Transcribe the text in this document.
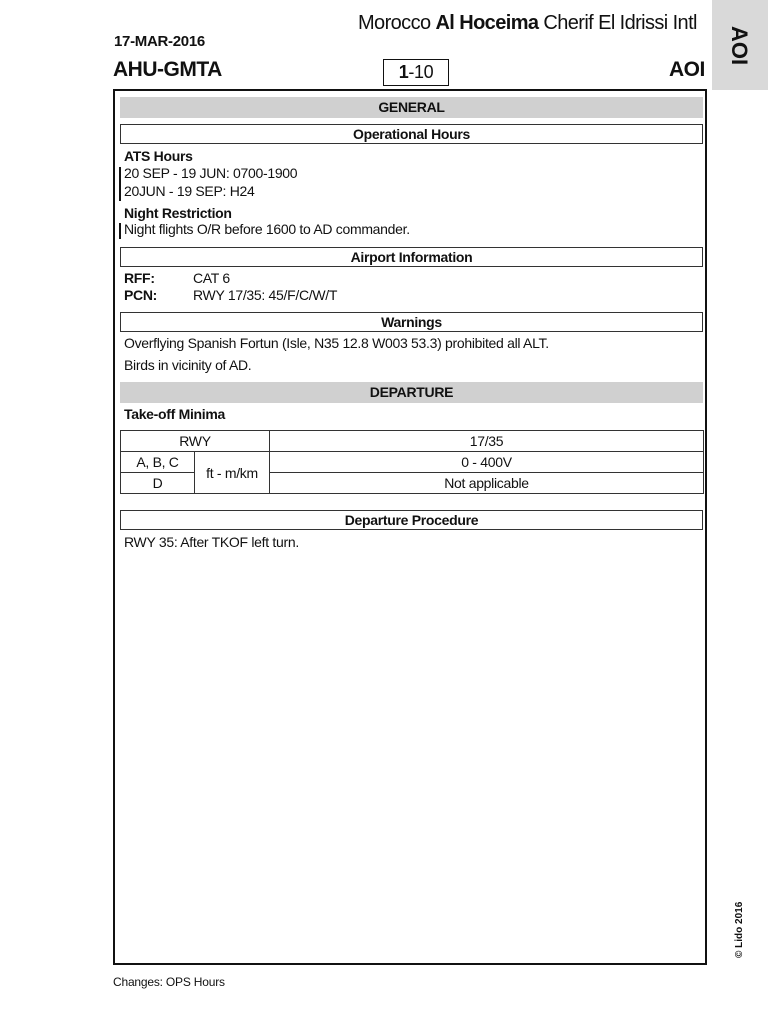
17-MAR-2016
AHU-GMTA
Morocco Al Hoceima Cherif El Idrissi Intl
1-10	AOI
AOI
GENERAL
Operational Hours
ATS Hours
20 SEP - 19 JUN: 0700-1900
20JUN - 19 SEP: H24
Night Restriction
Night flights O/R before 1600 to AD commander.
Airport Information
RFF:	CAT 6
PCN:	RWY 17/35: 45/F/C/W/T
Warnings
Overflying Spanish Fortun (Isle, N35 12.8 W003 53.3) prohibited all ALT.
Birds in vicinity of AD.
DEPARTURE
Take-off Minima
RWY		17/35
A, B, C	ft - m/km	0 - 400V
D		Not applicable
Departure Procedure
RWY 35: After TKOF left turn.
Changes: OPS Hours
© Lido 2016
